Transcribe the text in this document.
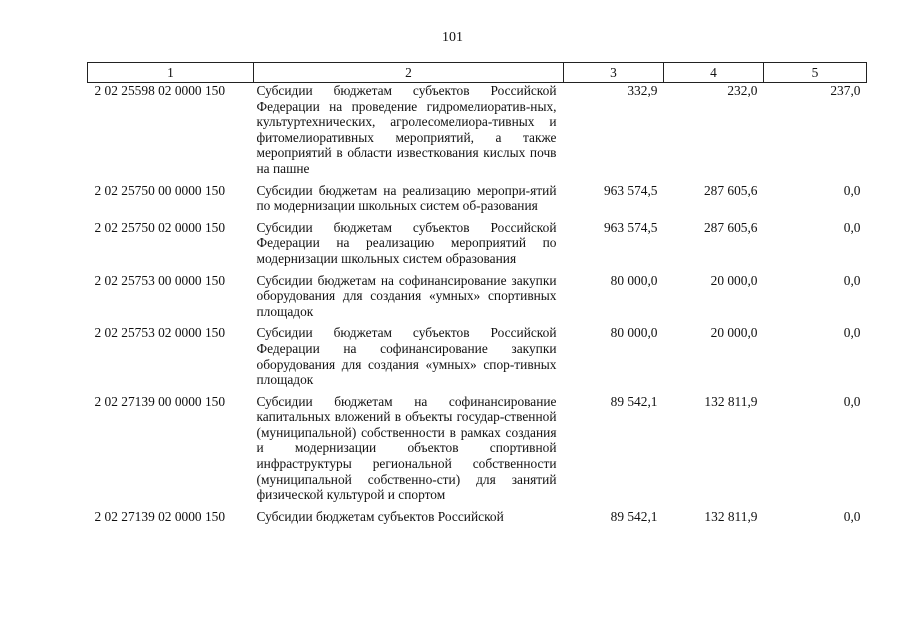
101
1	2	3	4	5
2 02 25598 02 0000 150	Субсидии бюджетам субъектов Российской Федерации на проведение гидромелиоратив-ных, культуртехнических, агролесомелиора-тивных и фитомелиоративных мероприятий, а также мероприятий в области известкования кислых почв на пашне	332,9	232,0	237,0
2 02 25750 00 0000 150	Субсидии бюджетам на реализацию меропри-ятий по модернизации школьных систем об-разования	963 574,5	287 605,6	0,0
2 02 25750 02 0000 150	Субсидии бюджетам субъектов Российской Федерации на реализацию мероприятий по модернизации школьных систем образования	963 574,5	287 605,6	0,0
2 02 25753 00 0000 150	Субсидии бюджетам на софинансирование закупки оборудования для создания «умных» спортивных площадок	80 000,0	20 000,0	0,0
2 02 25753 02 0000 150	Субсидии бюджетам субъектов Российской Федерации на софинансирование закупки оборудования для создания «умных» спор-тивных площадок	80 000,0	20 000,0	0,0
2 02 27139 00 0000 150	Субсидии бюджетам на софинансирование капитальных вложений в объекты государ-ственной (муниципальной) собственности в рамках создания и модернизации объектов спортивной инфраструктуры региональной собственности (муниципальной собственно-сти) для занятий физической культурой и спортом	89 542,1	132 811,9	0,0
2 02 27139 02 0000 150	Субсидии бюджетам субъектов Российской	89 542,1	132 811,9	0,0
